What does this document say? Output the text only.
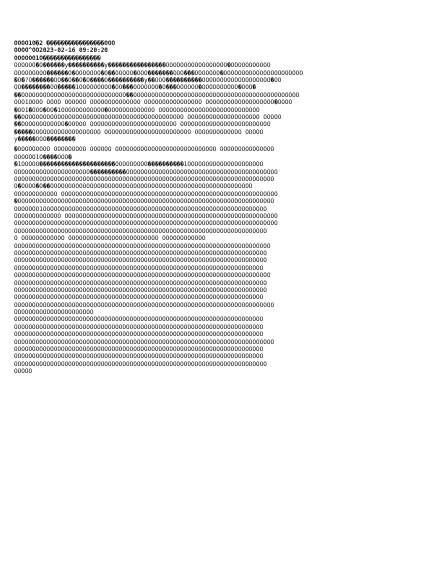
ÕÕÕÕ1Õ�2 ����������������ÕÕÕ
ÕÕÕÕ^ÕÕ2023-02-16 09:20:20
ÕÕÕÕÕÕ1Õ����������������
ÕÕÕÕÕÕ�Õ������y����������y����������������ÕÕÕÕÕÕÕÕÕÕÕÕÕÕÕÕÕ�ÕÕÕÕÕÕÕÕÕÕÕ
ÕÕÕÕÕÕÕÕÕ������Õ�ÕÕÕÕÕÕÕ�Õ��ÕÕÕÕÕ�ÕÕÕ�������ÕÕÕ���ÕÕÕÕÕÕÕ�ÕÕÕÕÕÕÕÕÕÕÕÕÕÕÕÕÕÕÕÕÕÕ
�Õ�?Õ������ÕÕ��Õ��Õ�Õ����Õ����������y��ÕÕÕ����������ÕÕÕÕÕÕÕÕÕÕÕÕÕÕÕÕÕÕÕ�ÕÕ
ÕÕ��������ÕÕ�����1ÕÕÕÕÕÕÕÕÕ�ÕÕ���ÕÕÕÕÕÕÕ�Õ���ÕÕÕÕÕÕ�ÕÕÕÕÕÕÕÕÕÕ�ÕÕÕ�
��ÕÕÕÕÕÕÕÕÕÕÕÕÕÕÕÕÕÕÕÕÕÕÕÕÕÕÕÕÕ��ÕÕÕÕÕÕÕÕÕÕÕÕÕÕÕÕÕÕÕÕÕÕÕÕÕÕÕÕÕÕÕÕÕÕÕÕÕÕÕÕÕÕÕÕÕÕ
ÕÕÕ1ÕÕÕÕ ÕÕÕÕ ÕÕÕÕÕÕ ÕÕÕÕÕÕÕÕÕÕÕÕÕÕ ÕÕÕÕÕÕÕÕÕÕÕÕÕÕÕÕ ÕÕÕÕÕÕÕÕÕÕÕÕÕÕÕÕÕÕÕ�ÕÕÕÕ
�ÕÕ1�ÕÕÕ�ÕÕ�1ÕÕÕÕÕÕÕÕÕÕÕÕ�ÕÕÕÕÕÕÕÕÕÕÕÕÕ ÕÕÕÕÕÕÕÕÕÕÕÕÕÕÕÕÕÕÕÕÕÕÕÕÕÕÕÕ
��ÕÕÕÕÕÕÕÕÕÕÕÕÕÕÕÕÕÕÕÕÕÕÕÕÕÕÕÕÕÕÕÕÕÕÕÕÕÕÕÕÕÕÕÕÕ ÕÕÕÕÕÕÕÕÕÕÕÕÕÕÕÕÕÕÕÕ ÕÕÕÕÕ
��ÕÕÕÕÕÕÕÕÕÕÕÕ�ÕÕÕÕÕ ÕÕÕÕÕÕÕÕÕÕÕÕÕÕÕÕÕÕÕÕÕÕÕÕ ÕÕÕÕÕÕÕÕÕÕÕÕÕÕÕÕÕÕÕÕÕÕÕÕÕ
�����ÕÕÕÕÕÕÕÕÕÕÕÕÕÕÕÕÕÕÕ ÕÕÕÕÕÕÕÕÕÕÕÕÕÕÕÕÕÕÕÕÕÕÕÕ ÕÕÕÕÕÕÕÕÕÕÕÕÕ ÕÕÕÕÕ
y�����ÕÕÕ��������
�ÕÕÕÕÕÕÕÕÕ ÕÕÕÕÕÕÕÕÕ ÕÕÕÕÕÕ ÕÕÕÕÕÕÕÕÕÕÕÕÕÕÕÕÕÕÕÕÕÕÕÕÕÕÕÕ ÕÕÕÕÕÕÕÕÕÕÕÕÕÕÕ
ÕÕÕÕÕÕ1Õ����ÕÕÕ�
�1ÕÕÕÕÕ���������������������ÕÕÕÕÕÕÕÕÕ����������1ÕÕÕÕÕÕÕÕÕÕÕÕÕÕÕÕÕÕÕÕÕ
ÕÕÕÕÕÕÕÕÕÕÕÕÕÕÕÕÕÕÕÕÕ����������ÕÕÕÕÕÕÕÕÕÕÕÕÕÕÕÕÕÕÕÕÕÕÕÕÕÕÕÕÕÕÕÕÕÕÕÕÕÕÕÕÕÕ
ÕÕÕÕÕÕÕÕÕÕÕÕÕÕÕÕÕÕÕÕÕÕÕÕÕÕÕÕÕÕÕÕÕÕÕÕÕÕÕÕÕÕÕÕÕÕÕÕÕÕÕÕÕÕÕÕÕÕÕÕÕÕÕÕÕÕÕÕÕÕÕÕ
Õ�ÕÕÕÕ�Õ��ÕÕÕÕÕÕÕÕÕÕÕÕÕÕÕÕÕÕÕÕÕÕÕÕÕÕÕÕÕÕÕÕÕÕÕÕÕÕÕÕÕÕÕÕÕÕÕÕÕÕÕÕÕÕÕÕ
ÕÕÕÕÕÕÕÕÕÕÕÕ ÕÕÕÕÕÕÕÕÕÕÕÕÕÕÕÕÕÕÕÕÕÕÕÕÕÕÕÕÕÕÕÕÕÕÕÕÕÕÕÕÕÕÕÕÕÕÕÕÕÕÕÕÕÕÕÕÕÕÕÕ
�ÕÕÕÕÕÕÕÕÕÕÕÕÕÕÕÕÕÕÕÕÕÕÕÕÕÕÕÕÕÕÕÕÕÕÕÕÕÕÕÕÕÕÕÕÕÕÕÕÕÕÕÕÕÕÕÕÕÕÕÕÕÕÕÕÕÕÕÕÕÕÕ
ÕÕÕÕÕÕÕ1ÕÕÕÕÕÕÕÕÕÕÕÕÕÕÕÕÕÕÕÕÕÕÕÕÕÕÕÕÕÕÕÕÕÕÕÕÕÕÕÕÕÕÕÕÕÕÕÕÕÕÕÕÕÕÕÕÕÕÕÕÕÕ
ÕÕÕÕÕÕÕÕÕÕÕÕÕ ÕÕÕÕÕÕÕÕÕÕÕÕÕÕÕÕÕÕÕÕÕÕÕÕÕÕÕÕÕÕÕÕÕÕÕÕÕÕÕÕÕÕÕÕÕÕÕÕÕÕÕÕÕÕÕÕÕÕÕ
ÕÕÕÕÕÕÕÕÕÕÕÕÕÕÕÕÕÕÕÕÕÕÕÕÕÕÕÕÕÕÕÕÕÕÕÕÕÕÕÕÕÕÕÕÕÕÕÕÕÕÕÕÕÕÕÕÕÕÕÕÕÕÕÕÕÕÕÕÕÕÕÕÕ
ÕÕÕÕÕÕÕÕÕÕÕÕÕÕÕÕÕÕÕÕÕÕÕÕÕÕÕÕÕÕÕÕÕÕÕÕÕÕÕÕÕÕÕÕÕÕÕÕÕÕÕÕÕÕÕÕÕÕÕÕÕÕÕÕÕÕÕÕÕÕ
Õ ÕÕÕÕÕÕÕÕÕÕÕÕ ÕÕÕÕÕÕÕÕÕÕÕÕÕÕÕÕÕÕÕÕÕÕÕÕÕ ÕÕÕÕÕÕÕÕÕÕÕÕ
ÕÕÕÕÕÕÕÕÕÕÕÕÕÕÕÕÕÕÕÕÕÕÕÕÕÕÕÕÕÕÕÕÕÕÕÕÕÕÕÕÕÕÕÕÕÕÕÕÕÕÕÕÕÕÕÕÕÕÕÕÕÕÕÕÕÕÕÕÕÕÕ
ÕÕÕÕÕÕÕÕÕÕÕÕÕÕÕÕÕÕÕÕÕÕÕÕÕÕÕÕÕÕÕÕÕÕÕÕÕÕÕÕÕÕÕÕÕÕÕÕÕÕÕÕÕÕÕÕÕÕÕÕÕÕÕÕÕÕÕÕÕÕ
ÕÕÕÕÕÕÕÕÕÕÕÕÕÕÕÕÕÕÕÕÕÕÕÕÕÕÕÕÕÕÕÕÕÕÕÕÕÕÕÕÕÕÕÕÕÕÕÕÕÕÕÕÕÕÕÕÕÕÕÕÕÕÕÕÕÕÕÕÕÕ
ÕÕÕÕÕÕÕÕÕÕÕÕÕÕÕÕÕÕÕÕÕÕÕÕÕÕÕÕÕÕÕÕÕÕÕÕÕÕÕÕÕÕÕÕÕÕÕÕÕÕÕÕÕÕÕÕÕÕÕÕÕÕÕÕÕÕÕÕÕ
ÕÕÕÕÕÕÕÕÕÕÕÕÕÕÕÕÕÕÕÕÕÕÕÕÕÕÕÕÕÕÕÕÕÕÕÕÕÕÕÕÕÕÕÕÕÕÕÕÕÕÕÕÕÕÕÕÕÕÕÕÕÕÕÕÕÕÕÕÕÕÕ
ÕÕÕÕÕÕÕÕÕÕÕÕÕÕÕÕÕÕÕÕÕÕÕÕÕÕÕÕÕÕÕÕÕÕÕÕÕÕÕÕÕÕÕÕÕÕÕÕÕÕÕÕÕÕÕÕÕÕÕÕÕÕÕÕÕÕÕÕÕÕ
ÕÕÕÕÕÕÕÕÕÕÕÕÕÕÕÕÕÕÕÕÕÕÕÕÕÕÕÕÕÕÕÕÕÕÕÕÕÕÕÕÕÕÕÕÕÕÕÕÕÕÕÕÕÕÕÕÕÕÕÕÕÕÕÕÕÕÕÕÕÕ
ÕÕÕÕÕÕÕÕÕÕÕÕÕÕÕÕÕÕÕÕÕÕÕÕÕÕÕÕÕÕÕÕÕÕÕÕÕÕÕÕÕÕÕÕÕÕÕÕÕÕÕÕÕÕÕÕÕÕÕÕÕÕÕÕÕÕÕÕÕ
ÕÕÕÕÕÕÕÕÕÕÕÕÕÕÕÕÕÕÕÕÕÕÕÕÕÕÕÕÕÕÕÕÕÕÕÕÕÕÕÕÕÕÕÕÕÕÕÕÕÕÕÕÕÕÕÕÕÕÕÕÕÕÕÕÕÕÕÕÕÕÕÕ
ÕÕÕÕÕÕÕÕÕÕÕÕÕÕÕÕÕÕÕÕÕÕ
ÕÕÕÕÕÕÕÕÕÕÕÕÕÕÕÕÕÕÕÕÕÕÕÕÕÕÕÕÕÕÕÕÕÕÕÕÕÕÕÕÕÕÕÕÕÕÕÕÕÕÕÕÕÕÕÕÕÕÕÕÕÕÕÕÕÕÕÕÕ
ÕÕÕÕÕÕÕÕÕÕÕÕÕÕÕÕÕÕÕÕÕÕÕÕÕÕÕÕÕÕÕÕÕÕÕÕÕÕÕÕÕÕÕÕÕÕÕÕÕÕÕÕÕÕÕÕÕÕÕÕÕÕÕÕÕÕÕÕÕ
ÕÕÕÕÕÕÕÕÕÕÕÕÕÕÕÕÕÕÕÕÕÕÕÕÕÕÕÕÕÕÕÕÕÕÕÕÕÕÕÕÕÕÕÕÕÕÕÕÕÕÕÕÕÕÕÕÕÕÕÕÕÕÕÕÕÕÕÕÕ
ÕÕÕÕÕÕÕÕÕÕÕÕÕÕÕÕÕÕÕÕÕÕÕÕÕÕÕÕÕÕÕÕÕÕÕÕÕÕÕÕÕÕÕÕÕÕÕÕÕÕÕÕÕÕÕÕÕÕÕÕÕÕÕÕÕÕÕÕÕÕÕÕ
ÕÕÕÕÕÕÕÕÕÕÕÕÕÕÕÕÕÕÕÕÕÕÕÕÕÕÕÕÕÕÕÕÕÕÕÕÕÕÕÕÕÕÕÕÕÕÕÕÕÕÕÕÕÕÕÕÕÕÕÕÕÕÕÕÕÕÕÕÕ
ÕÕÕÕÕÕÕÕÕÕÕÕÕÕÕÕÕÕÕÕÕÕÕÕÕÕÕÕÕÕÕÕÕÕÕÕÕÕÕÕÕÕÕÕÕÕÕÕÕÕÕÕÕÕÕÕÕÕÕÕÕÕÕÕÕÕÕÕÕ
ÕÕÕÕÕÕÕÕÕÕÕÕÕÕÕÕÕÕÕÕÕÕÕÕÕÕÕÕÕÕÕÕÕÕÕÕÕÕÕÕÕÕÕÕÕÕÕÕÕÕÕÕÕÕÕÕÕÕÕÕÕÕÕÕÕÕÕÕÕÕ
ÕÕÕÕÕ
